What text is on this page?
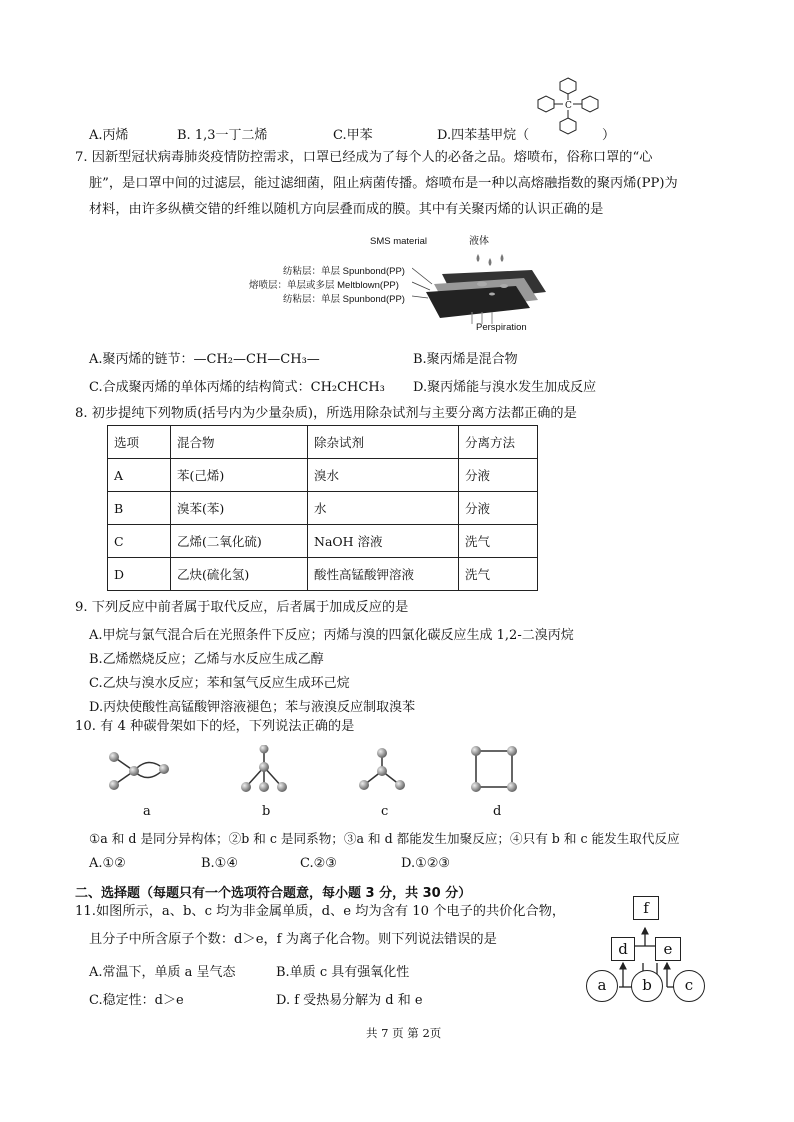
A.丙烯	B. 1,3一丁二烯	C.甲苯	D.四苯基甲烷（	）
C
7. 因新型冠状病毒肺炎疫情防控需求，口罩已经成为了每个人的必备之品。熔喷布，俗称口罩的“心
脏”，是口罩中间的过滤层，能过滤细菌，阻止病菌传播。熔喷布是一种以高熔融指数的聚丙烯(PP)为
材料，由许多纵横交错的纤维以随机方向层叠而成的膜。其中有关聚丙烯的认识正确的是
SMS material	液体
纺粘层：单层 Spunbond(PP)
熔喷层：单层或多层 Meltblown(PP)
纺粘层：单层 Spunbond(PP)
Perspiration
A.聚丙烯的链节：—CH₂—CH—CH₃—	B.聚丙烯是混合物
C.合成聚丙烯的单体丙烯的结构简式：CH₂CHCH₃ D.聚丙烯能与溴水发生加成反应
8. 初步提纯下列物质(括号内为少量杂质)，所选用除杂试剂与主要分离方法都正确的是
选项	混合物	除杂试剂	分离方法
A	苯(己烯)	溴水	分液
B	溴苯(苯)	水	分液
C	乙烯(二氧化硫)	NaOH 溶液	洗气
D	乙炔(硫化氢)	酸性高锰酸钾溶液	洗气
9. 下列反应中前者属于取代反应，后者属于加成反应的是
A.甲烷与氯气混合后在光照条件下反应；丙烯与溴的四氯化碳反应生成 1,2-二溴丙烷
B.乙烯燃烧反应；乙烯与水反应生成乙醇
C.乙炔与溴水反应；苯和氢气反应生成环己烷
D.丙炔使酸性高锰酸钾溶液褪色；苯与液溴反应制取溴苯
10. 有 4 种碳骨架如下的烃，下列说法正确的是
a	b	c	d
①a 和 d 是同分异构体；②b 和 c 是同系物；③a 和 d 都能发生加聚反应；④只有 b 和 c 能发生取代反应
A.①②	B.①④	C.②③	D.①②③
二、选择题（每题只有一个选项符合题意，每小题 3 分，共 30 分）
11.如图所示，a、b、c 均为非金属单质，d、e 均为含有 10 个电子的共价化合物，
且分子中所含原子个数：d＞e，f 为离子化合物。则下列说法错误的是
A.常温下，单质 a 呈气态	B.单质 c 具有强氧化性
C.稳定性：d＞e	D. f 受热易分解为 d 和 e
f
d	e
a	b	c
共 7 页 第 2页
